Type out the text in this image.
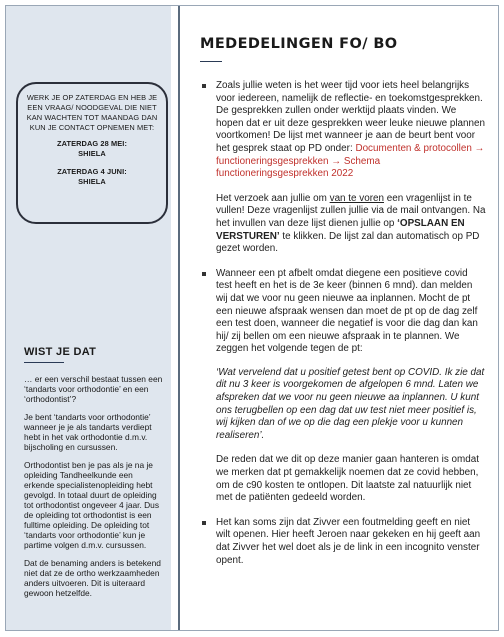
WERK JE OP ZATERDAG EN HEB JE EEN VRAAG/ NOODGEVAL DIE NIET KAN WACHTEN TOT MAANDAG DAN KUN JE CONTACT OPNEMEN MET:
ZATERDAG 28 MEI:
SHIELA
ZATERDAG 4 JUNI:
SHIELA
WIST JE DAT

… er een verschil bestaat tussen een ‘tandarts voor orthodontie’ en een ‘orthodontist’?

Je bent ‘tandarts voor orthodontie’ wanneer je je als tandarts verdiept hebt in het vak orthodontie d.m.v. bijscholing en cursussen.

Orthodontist ben je pas als je na je opleiding Tandheelkunde een erkende specialistenopleiding hebt gevolgd. In totaal duurt de opleiding tot orthodontist ongeveer 4 jaar. Dus de opleiding tot orthodontist is een fulltime opleiding. De opleiding tot ‘tandarts voor orthodontie’ kun je partime volgen d.m.v. cursussen.

Dat de benaming anders is betekend niet dat ze de ortho werkzaamheden anders uitvoeren. Dit is uiteraard gewoon hetzelfde.

MEDEDELINGEN FO/ BO

Zoals jullie weten is het weer tijd voor iets heel belangrijks voor iedereen, namelijk de reflectie- en toekomstgesprekken. De gesprekken zullen onder werktijd plaats vinden. We hopen dat er uit deze gesprekken weer leuke nieuwe plannen voortkomen! De lijst met wanneer je aan de beurt bent voor het gesprek staat op PD onder: Documenten & protocollen → functioneringsgesprekken → Schema functioneringsgesprekken 2022

Het verzoek aan jullie om van te voren een vragenlijst in te vullen! Deze vragenlijst zullen jullie via de mail ontvangen. Na het invullen van deze lijst dienen jullie op ‘OPSLAAN EN VERSTUREN’ te klikken. De lijst zal dan automatisch op PD gezet worden.

Wanneer een pt afbelt omdat diegene een positieve covid test heeft en het is de 3e keer (binnen 6 mnd). dan melden wij dat we voor nu geen nieuwe aa inplannen. Mocht de pt een nieuwe afspraak wensen dan moet de pt op de dag zelf een test doen, wanneer die negatief is voor die dag dan kan hij/ zij bellen om een nieuwe afspraak in te plannen. We zeggen het volgende tegen de pt:

‘Wat vervelend dat u positief getest bent op COVID. Ik zie dat dit nu 3 keer is voorgekomen de afgelopen 6 mnd. Laten we afspreken dat we voor nu geen nieuwe aa inplannen. U kunt ons terugbellen op een dag dat uw test niet meer positief is, wij kijken dan of we op die dag een plekje voor u kunnen realiseren’.

De reden dat we dit op deze manier gaan hanteren is omdat we merken dat pt gemakkelijk noemen dat ze covid hebben, om de c90 kosten te ontlopen. Dit laatste zal natuurlijk niet met de patiënten gedeeld worden.

Het kan soms zijn dat Zivver een foutmelding geeft en niet wilt openen. Hier heeft Jeroen naar gekeken en hij geeft aan dat Zivver het wel doet als je de link in een incognito venster opent.
